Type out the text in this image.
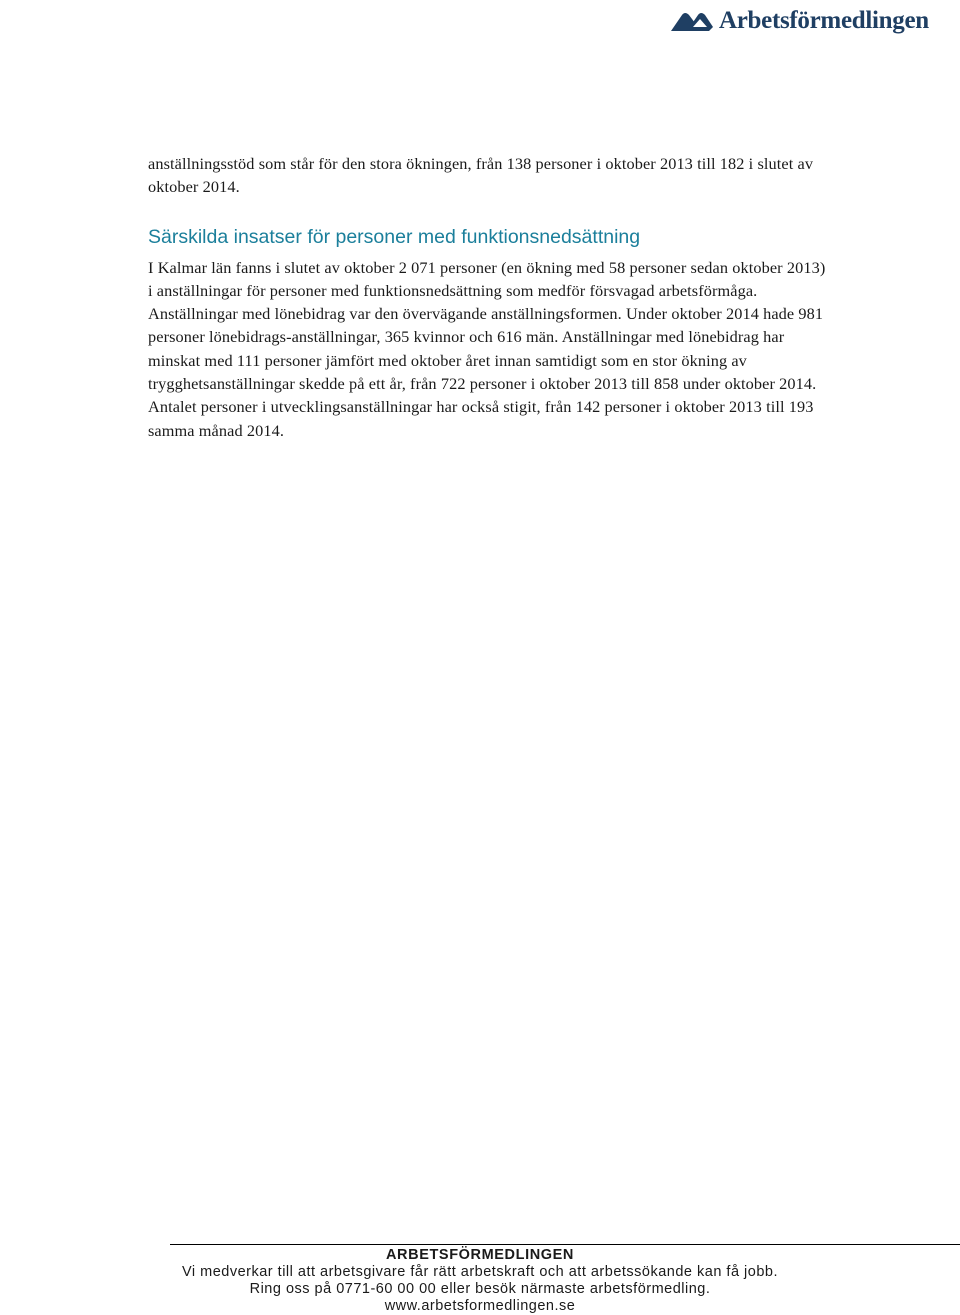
Arbetsförmedlingen

anställningsstöd som står för den stora ökningen, från 138 personer i oktober 2013 till 182 i slutet av oktober 2014.

Särskilda insatser för personer med funktionsnedsättning

I Kalmar län fanns i slutet av oktober 2 071 personer (en ökning med 58 personer sedan oktober 2013) i anställningar för personer med funktionsnedsättning som medför försvagad arbetsförmåga. Anställningar med lönebidrag var den övervägande anställningsformen. Under oktober 2014 hade 981 personer lönebidrags-anställningar, 365 kvinnor och 616 män. Anställningar med lönebidrag har minskat med 111 personer jämfört med oktober året innan samtidigt som en stor ökning av trygghetsanställningar skedde på ett år, från 722 personer i oktober 2013 till 858 under oktober 2014. Antalet personer i utvecklingsanställningar har också stigit, från 142 personer i oktober 2013 till 193 samma månad 2014.

ARBETSFÖRMEDLINGEN
Vi medverkar till att arbetsgivare får rätt arbetskraft och att arbetssökande kan få jobb.
Ring oss på 0771-60 00 00 eller besök närmaste arbetsförmedling.
www.arbetsformedlingen.se
